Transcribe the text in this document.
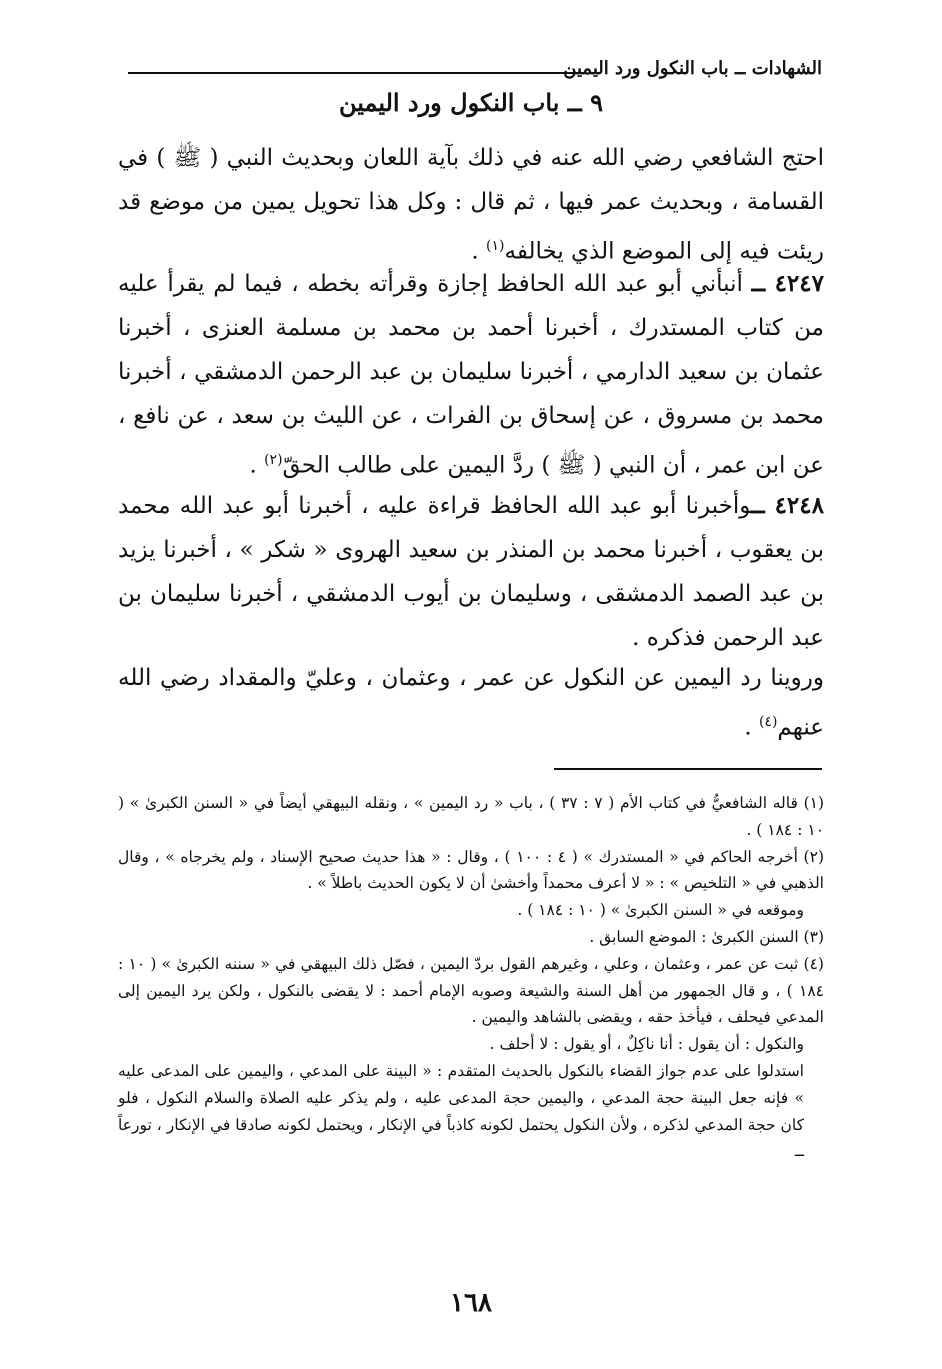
الشهادات ــ باب النكول ورد اليمين
٩ ــ باب النكول ورد اليمين
احتج الشافعي رضي الله عنه في ذلك بآية اللعان وبحديث النبي ( ﷺ ) في القسامة ، وبحديث عمر فيها ، ثم قال : وكل هذا تحويل يمين من موضع قد ريئت فيه إلى الموضع الذي يخالفه$^{(١)}$ .
٤٢٤٧ ــ أنبأني أبو عبد الله الحافظ إجازة وقرأته بخطه ، فيما لم يقرأ عليه من كتاب المستدرك ، أخبرنا أحمد بن محمد بن مسلمة العنزى ، أخبرنا عثمان بن سعيد الدارمي ، أخبرنا سليمان بن عبد الرحمن الدمشقي ، أخبرنا محمد بن مسروق ، عن إسحاق بن الفرات ، عن الليث بن سعد ، عن نافع ، عن ابن عمر ، أن النبي ( ﷺ ) ردَّ اليمين على طالب الحقّ$^{(٢)}$ .
٤٢٤٨ ــوأخبرنا أبو عبد الله الحافظ قراءة عليه ، أخبرنا أبو عبد الله محمد بن يعقوب ، أخبرنا محمد بن المنذر بن سعيد الهروى « شكر » ، أخبرنا يزيد بن عبد الصمد الدمشقى ، وسليمان بن أيوب الدمشقي ، أخبرنا سليمان بن عبد الرحمن فذكره .
وروينا رد اليمين عن النكول عن عمر ، وعثمان ، وعليّ والمقداد رضي الله عنهم$^{(٤)}$ .

(١) قاله الشافعيُّ في كتاب الأم ( ٧ : ٣٧ ) ، باب « رد اليمين » ، ونقله البيهقي أيضاً في « السنن الكبرىٰ » ( ١٠ : ١٨٤ ) .

(٢) أخرجه الحاكم في « المستدرك » ( ٤ : ١٠٠ ) ، وقال : « هذا حديث صحيح الإسناد ، ولم يخرجاه » ، وقال الذهبي في « التلخيص » : « لا أعرف محمداً وأخشىٰ أن لا يكون الحديث باطلاً » .

وموقعه في « السنن الكبرىٰ » ( ١٠ : ١٨٤ ) .

(٣) السنن الكبرىٰ : الموضع السابق .

(٤) ثبت عن عمر ، وعثمان ، وعلي ، وغيرهم القول بردّ اليمين ، فصّل ذلك البيهقي في « سننه الكبرىٰ » ( ١٠ : ١٨٤ ) ، و قال الجمهور من أهل السنة والشيعة وصوبه الإمام أحمد : لا يقضى بالنكول ، ولكن يرد اليمين إلى المدعي فيحلف ، فيأخذ حقه ، ويقضى بالشاهد واليمين .

والنكول : أن يقول : أنا ناكِلٌ ، أو يقول : لا أحلف .

استدلوا على عدم جواز القضاء بالنكول بالحديث المتقدم : « البينة على المدعي ، واليمين على المدعى عليه » فإنه جعل البينة حجة المدعي ، واليمين حجة المدعى عليه ، ولم يذكر عليه الصلاة والسلام النكول ، فلو كان حجة المدعي لذكره ، ولأن النكول يحتمل لكونه كاذباً في الإنكار ، ويحتمل لكونه صادقا في الإنكار ، تورعاً ــ

١٦٨
